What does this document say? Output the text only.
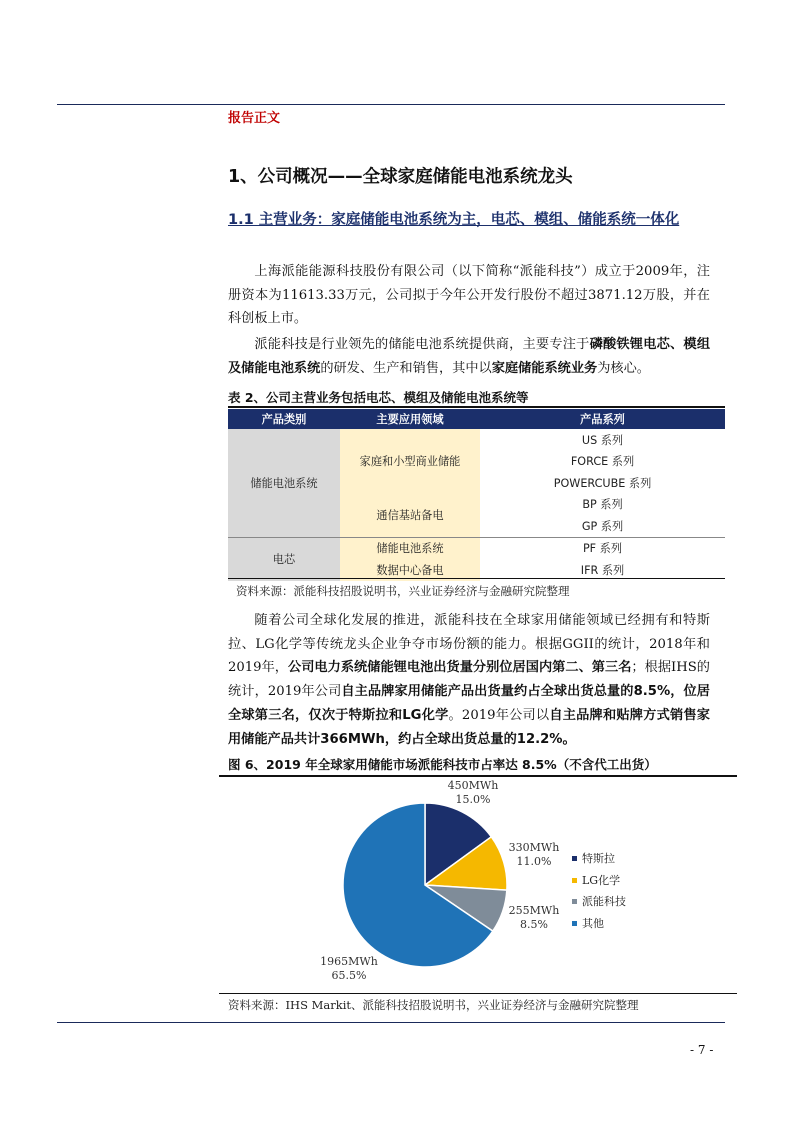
报告正文
1、公司概况——全球家庭储能电池系统龙头
1.1 主营业务：家庭储能电池系统为主，电芯、模组、储能系统一体化
上海派能能源科技股份有限公司（以下简称“派能科技”）成立于2009年，注册资本为11613.33万元，公司拟于今年公开发行股份不超过3871.12万股，并在科创板上市。
派能科技是行业领先的储能电池系统提供商，主要专注于磷酸铁锂电芯、模组及储能电池系统的研发、生产和销售，其中以家庭储能系统业务为核心。
表 2、公司主营业务包括电芯、模组及储能电池系统等
产品类别	主要应用领域	产品系列
储能电池系统	家庭和小型商业储能	US 系列
		FORCE 系列
		POWERCUBE 系列
	通信基站备电	BP 系列
		GP 系列
电芯	储能电池系统	PF 系列
	数据中心备电	IFR 系列
资料来源：派能科技招股说明书，兴业证券经济与金融研究院整理
随着公司全球化发展的推进，派能科技在全球家用储能领域已经拥有和特斯拉、LG化学等传统龙头企业争夺市场份额的能力。根据GGII的统计，2018年和2019年，公司电力系统储能锂电池出货量分别位居国内第二、第三名；根据IHS的统计，2019年公司自主品牌家用储能产品出货量约占全球出货总量的8.5%，位居全球第三名，仅次于特斯拉和LG化学。2019年公司以自主品牌和贴牌方式销售家用储能产品共计366MWh，约占全球出货总量的12.2%。
图 6、2019 年全球家用储能市场派能科技市占率达 8.5%（不含代工出货）
450MWh
15.0%
330MWh
11.0%
255MWh
8.5%
1965MWh
65.5%
特斯拉
LG化学
派能科技
其他
资料来源：IHS Markit、派能科技招股说明书，兴业证券经济与金融研究院整理
- 7 -
